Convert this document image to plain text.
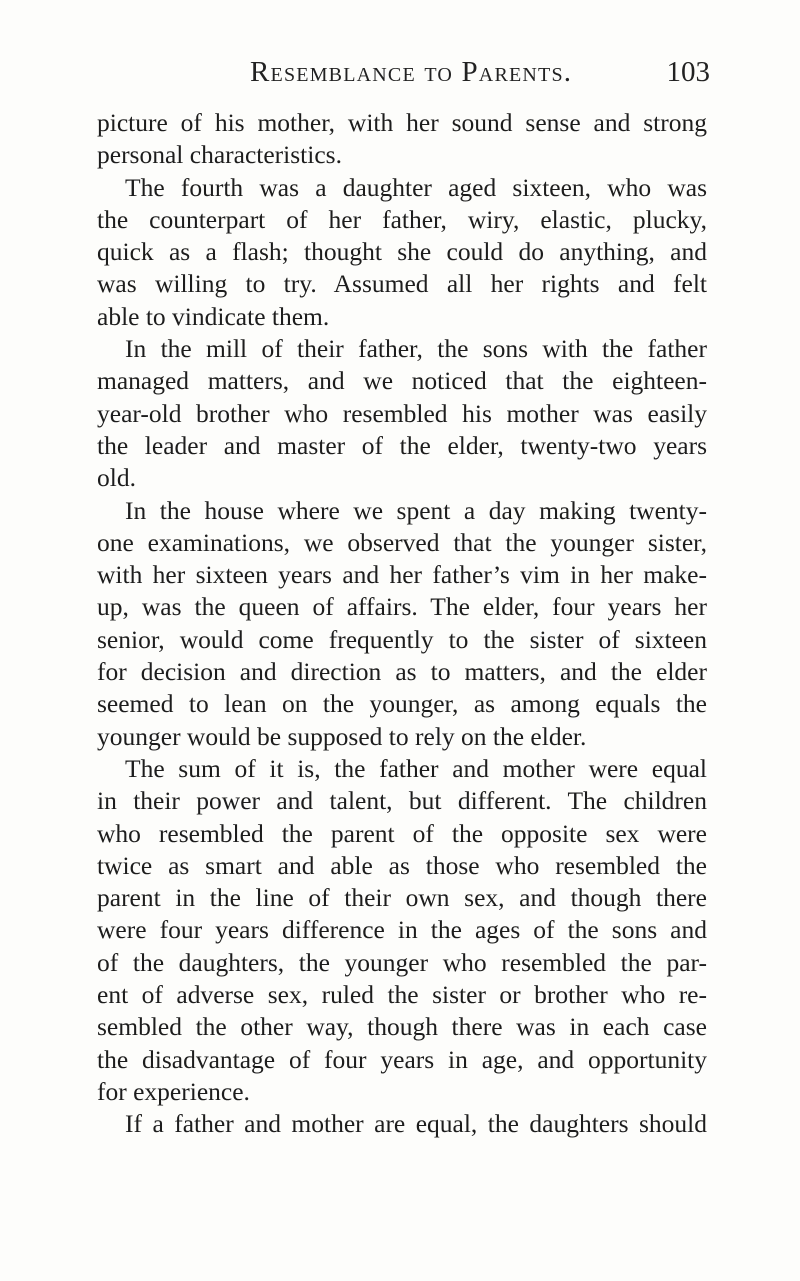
Resemblance to Parents.	103
picture of his mother, with her sound sense and strong
personal characteristics.
The fourth was a daughter aged sixteen, who was
the counterpart of her father, wiry, elastic, plucky,
quick as a flash; thought she could do anything, and
was willing to try. Assumed all her rights and felt
able to vindicate them.
In the mill of their father, the sons with the father
managed matters, and we noticed that the eighteen-
year-old brother who resembled his mother was easily
the leader and master of the elder, twenty-two years
old.
In the house where we spent a day making twenty-
one examinations, we observed that the younger sister,
with her sixteen years and her father’s vim in her make-
up, was the queen of affairs. The elder, four years her
senior, would come frequently to the sister of sixteen
for decision and direction as to matters, and the elder
seemed to lean on the younger, as among equals the
younger would be supposed to rely on the elder.
The sum of it is, the father and mother were equal
in their power and talent, but different. The children
who resembled the parent of the opposite sex were
twice as smart and able as those who resembled the
parent in the line of their own sex, and though there
were four years difference in the ages of the sons and
of the daughters, the younger who resembled the par-
ent of adverse sex, ruled the sister or brother who re-
sembled the other way, though there was in each case
the disadvantage of four years in age, and opportunity
for experience.
If a father and mother are equal, the daughters should
